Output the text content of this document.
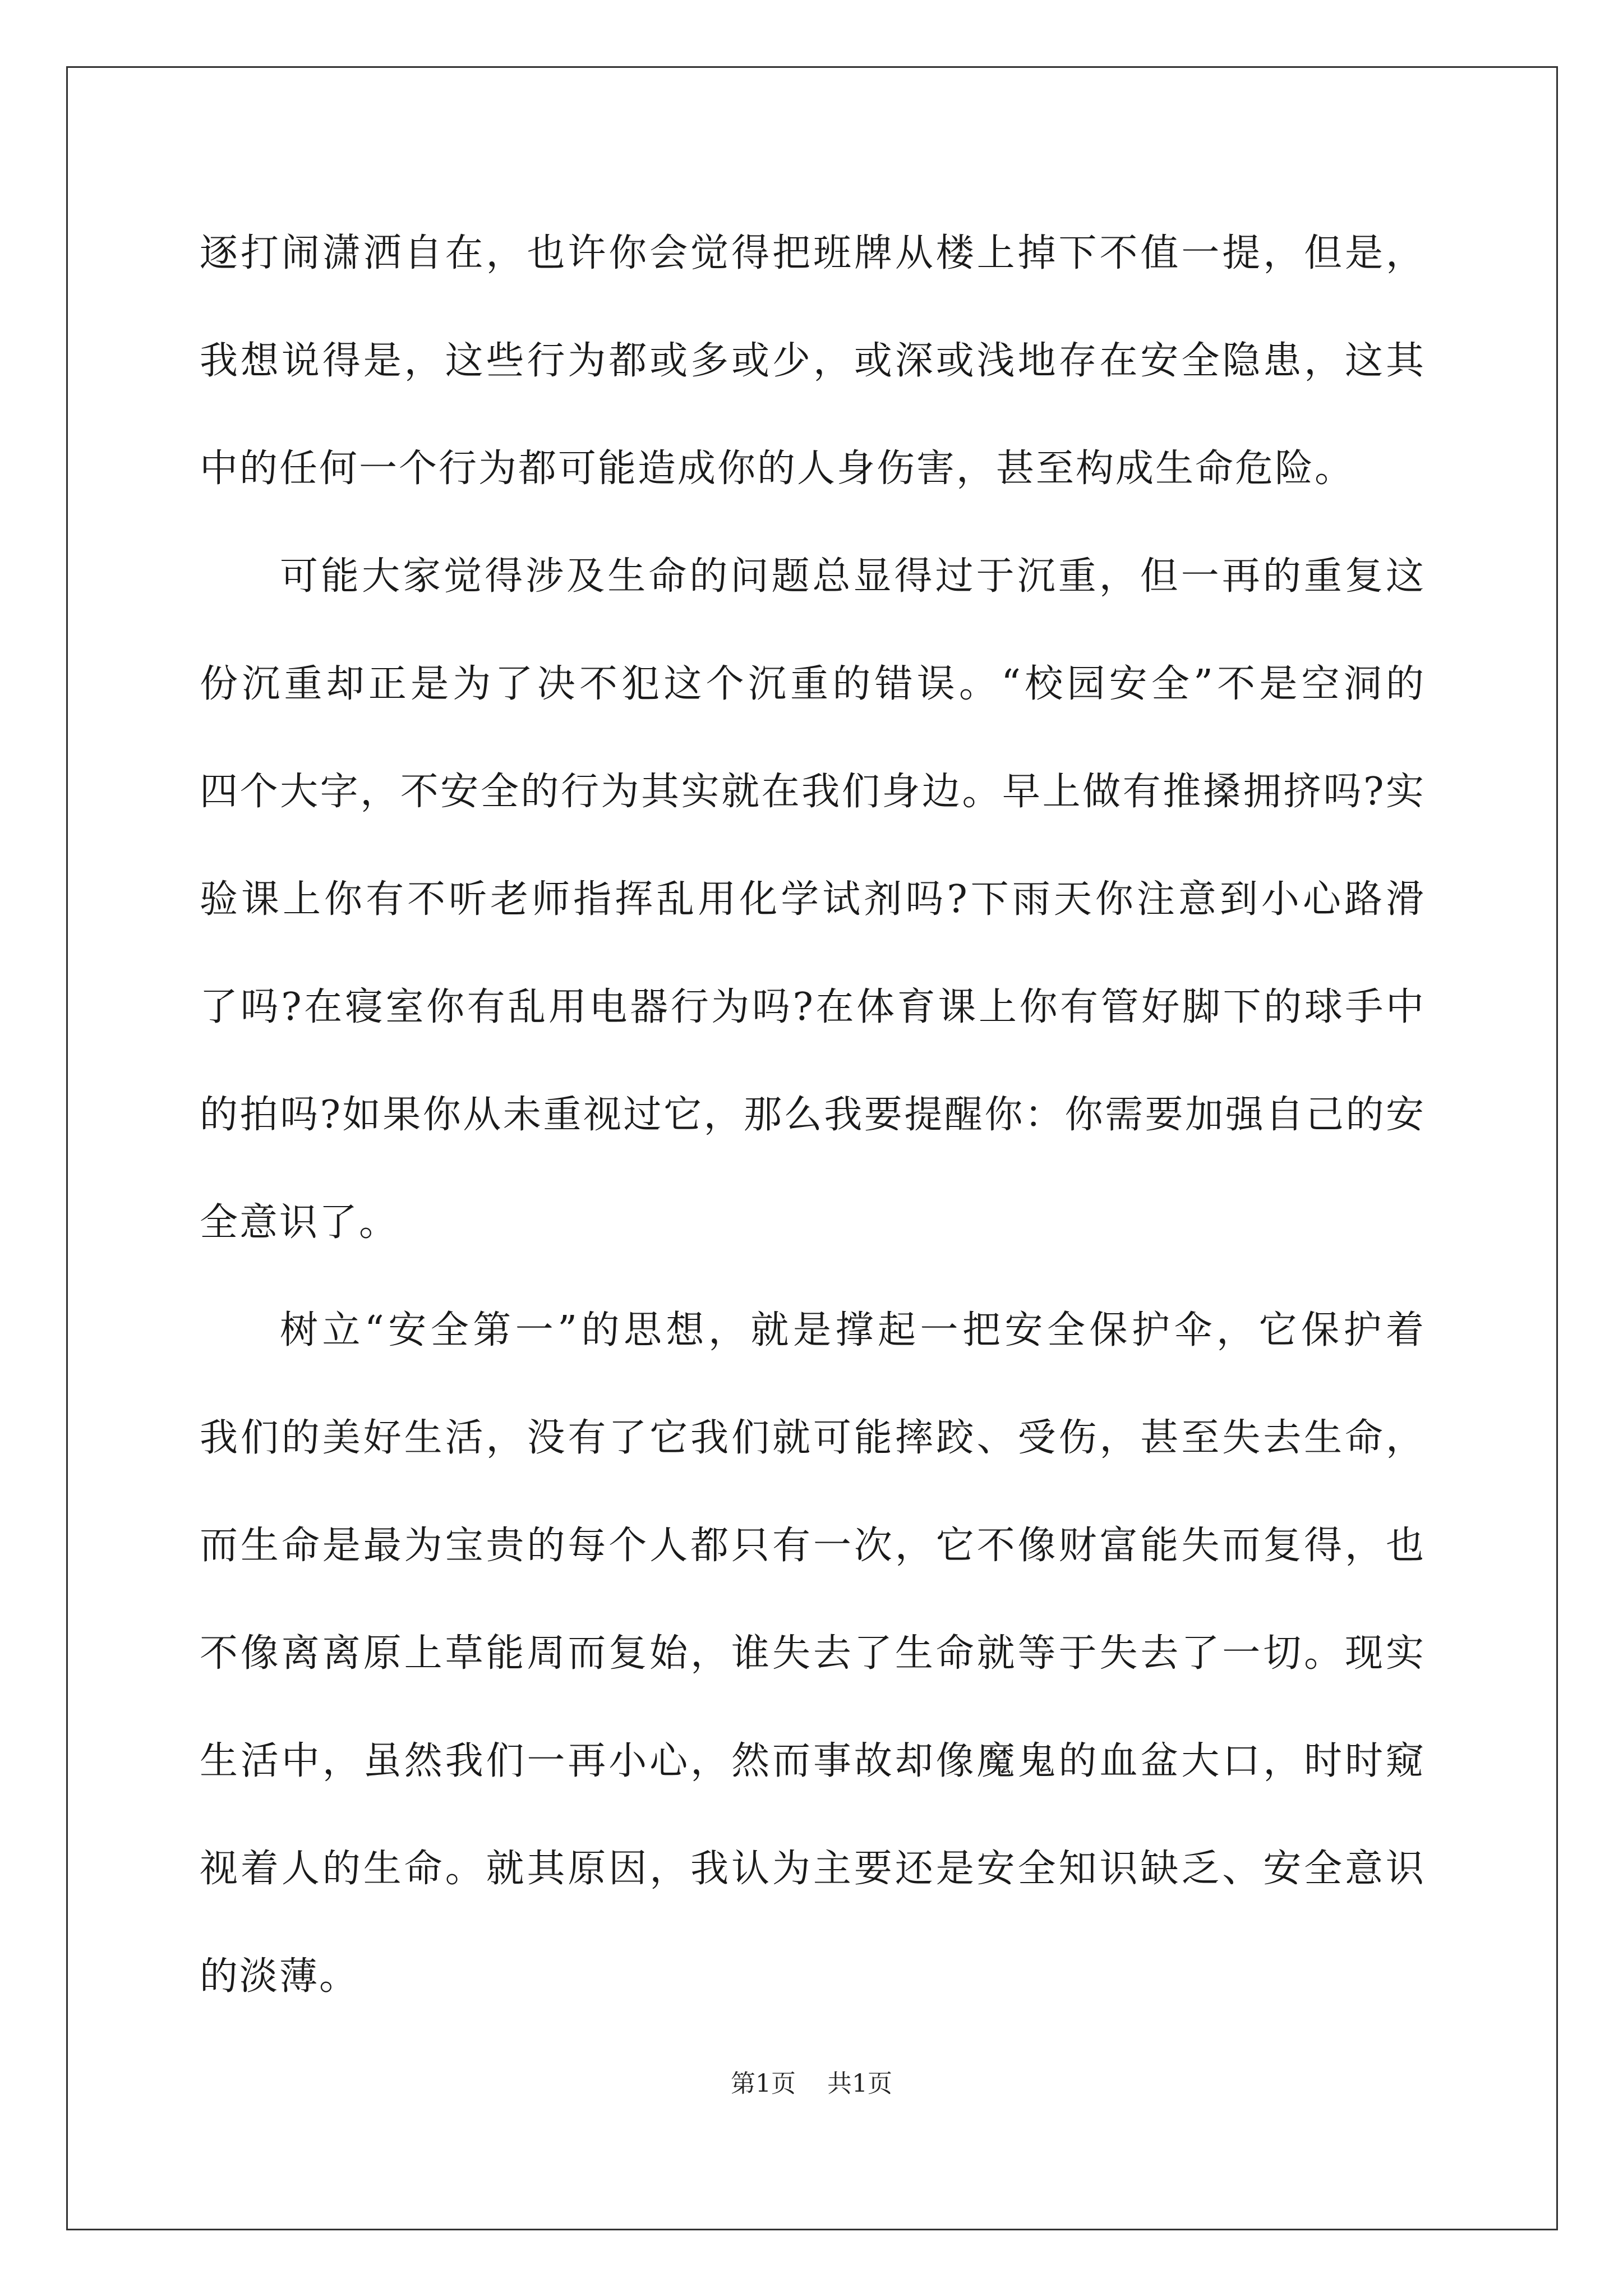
逐打闹潇洒自在，也许你会觉得把班牌从楼上掉下不值一提，但是，
我想说得是，这些行为都或多或少，或深或浅地存在安全隐患，这其
中的任何一个行为都可能造成你的人身伤害，甚至构成生命危险。
可能大家觉得涉及生命的问题总显得过于沉重，但一再的重复这
份沉重却正是为了决不犯这个沉重的错误。“校园安全”不是空洞的
四个大字，不安全的行为其实就在我们身边。早上做有推搡拥挤吗?实
验课上你有不听老师指挥乱用化学试剂吗?下雨天你注意到小心路滑
了吗?在寝室你有乱用电器行为吗?在体育课上你有管好脚下的球手中
的拍吗?如果你从未重视过它，那么我要提醒你：你需要加强自己的安
全意识了。
树立“安全第一”的思想，就是撑起一把安全保护伞，它保护着
我们的美好生活，没有了它我们就可能摔跤、受伤，甚至失去生命，
而生命是最为宝贵的每个人都只有一次，它不像财富能失而复得，也
不像离离原上草能周而复始，谁失去了生命就等于失去了一切。现实
生活中，虽然我们一再小心，然而事故却像魔鬼的血盆大口，时时窥
视着人的生命。就其原因，我认为主要还是安全知识缺乏、安全意识
的淡薄。
第1页 共1页
